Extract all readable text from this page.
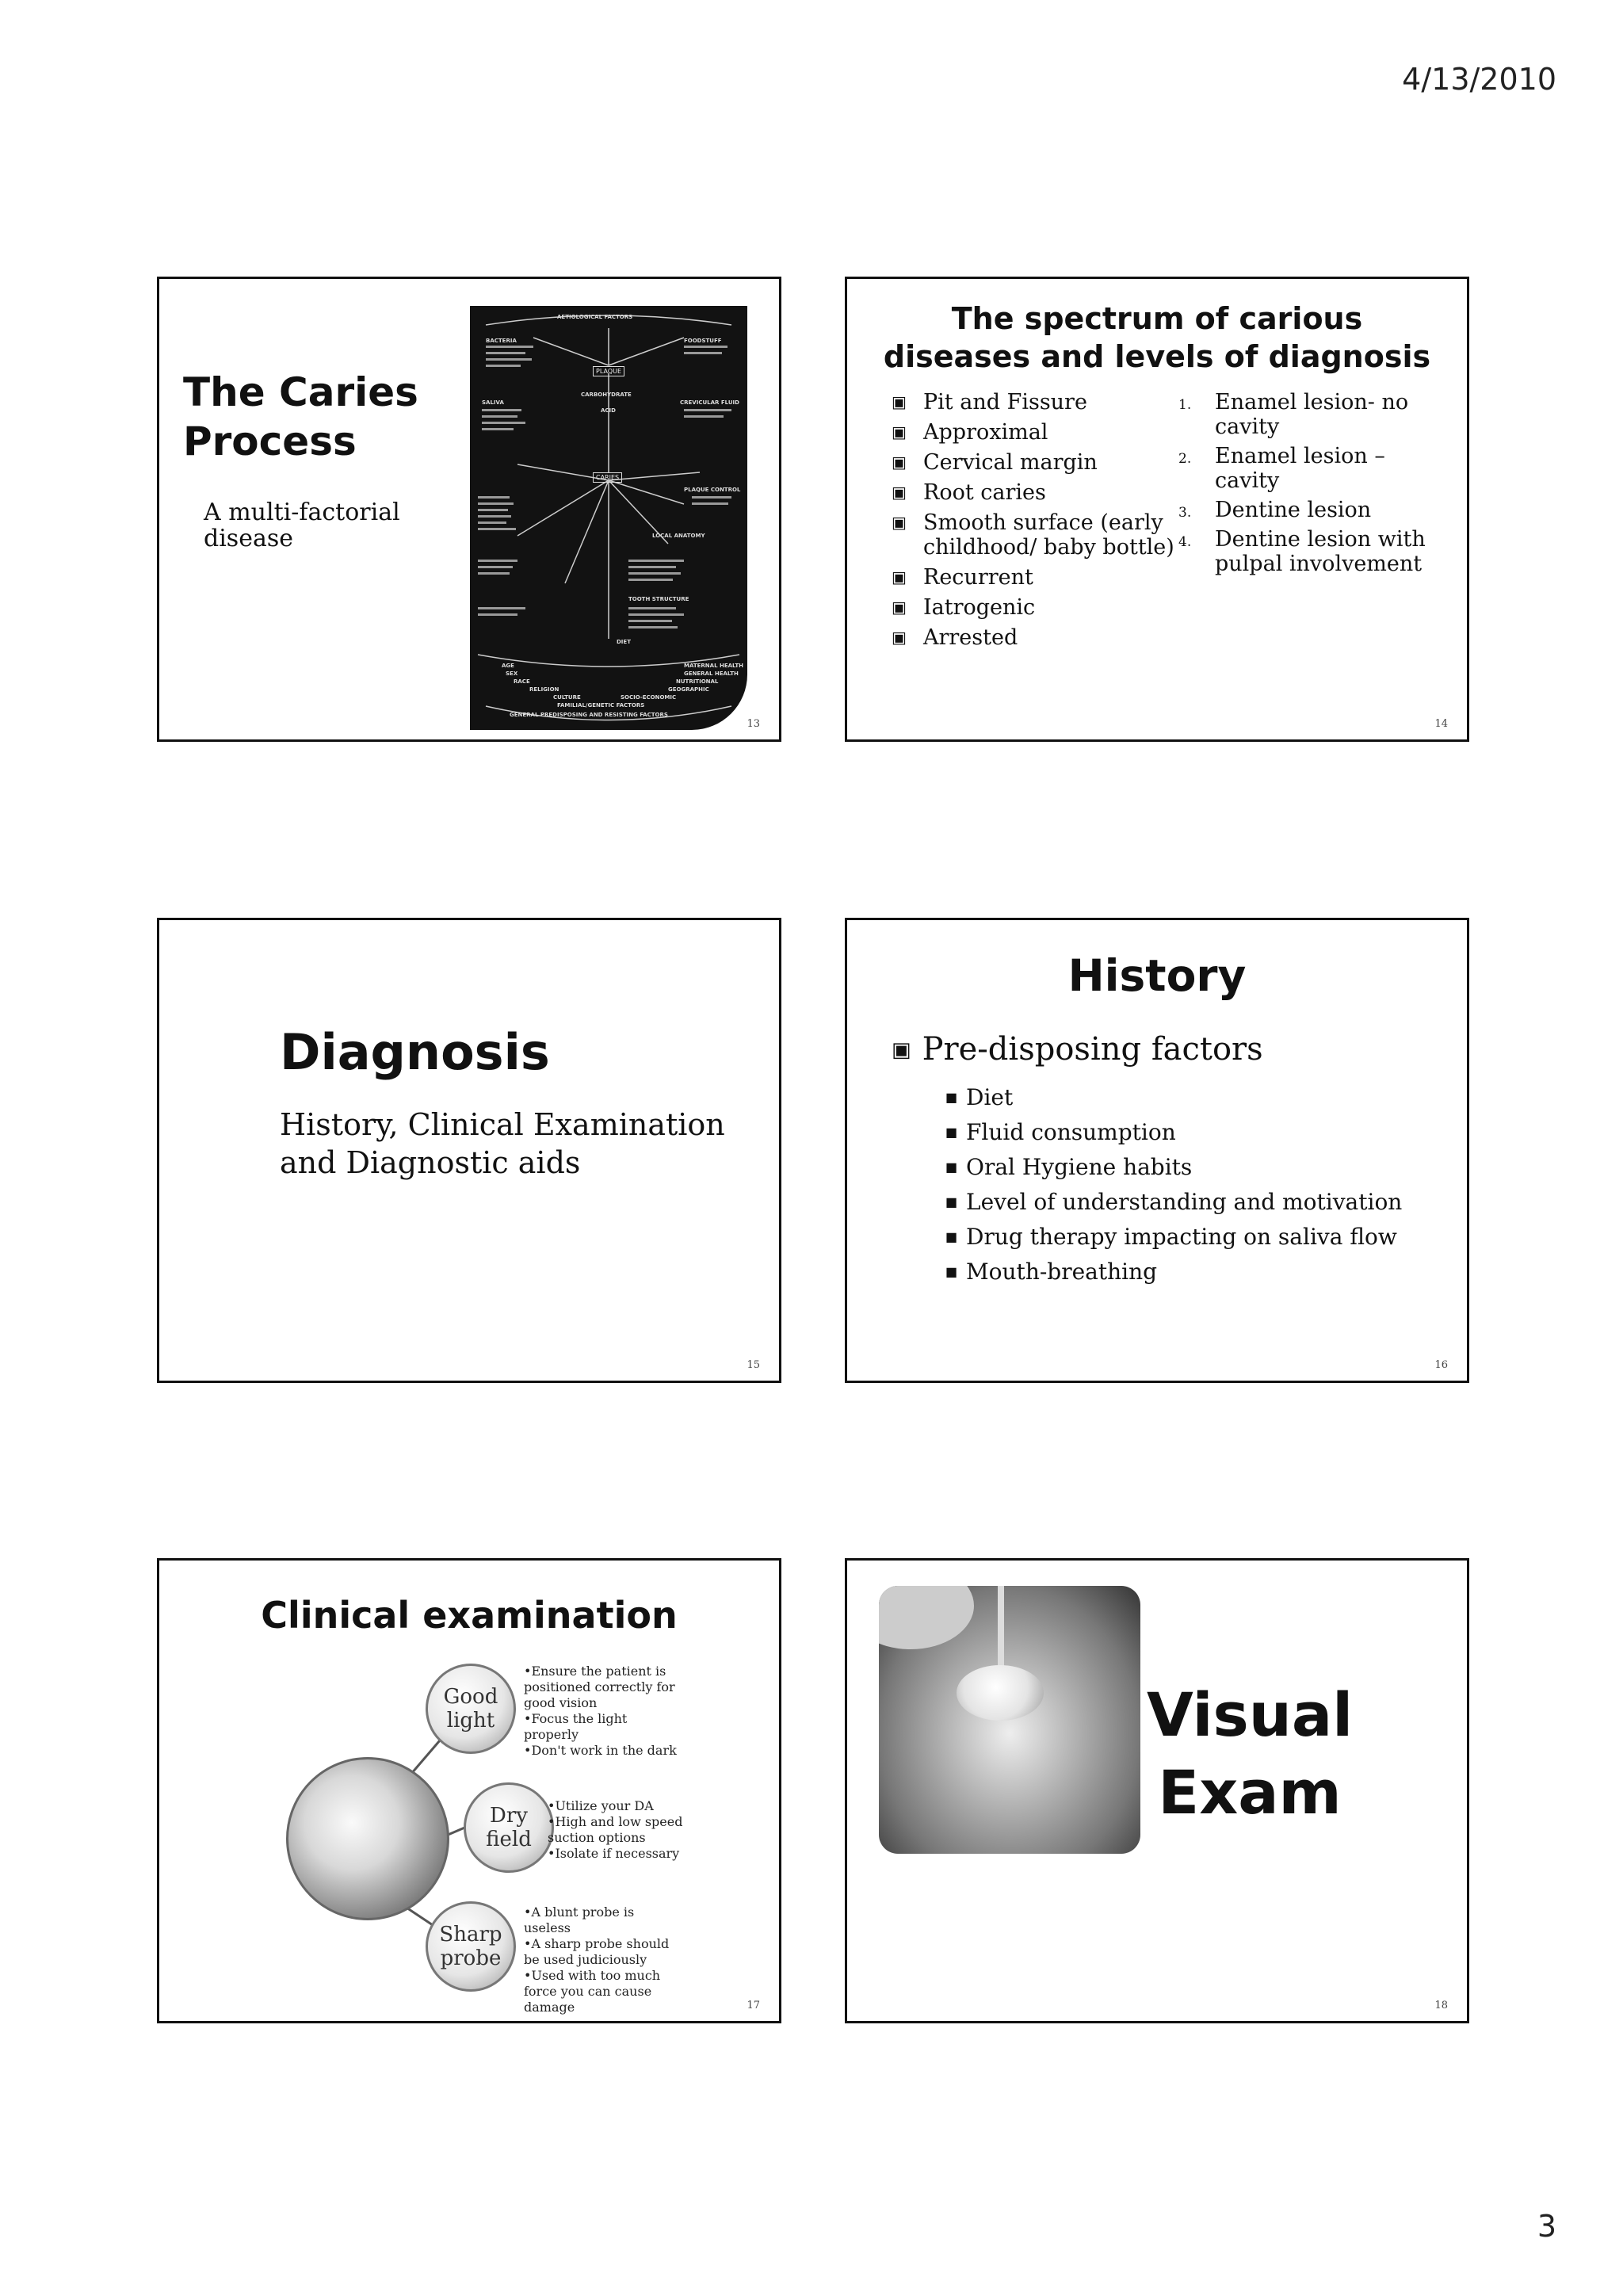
4/13/2010
The Caries
Process
A multi-factorial disease
AETIOLOGICAL FACTORS
BACTERIA	FOODSTUFF
PLAQUE
SALIVA
CARBOHYDRATE
CREVICULAR FLUID
ACID
CARIES
PLAQUE CONTROL
LOCAL ANATOMY
TOOTH STRUCTURE
DIET
MATERNAL HEALTH
GENERAL HEALTH
NUTRITIONAL
GEOGRAPHIC
AGE
SEX
RACE
RELIGION
CULTURE	SOCIO-ECONOMIC
FAMILIAL/GENETIC FACTORS
GENERAL PREDISPOSING AND RESISTING FACTORS
13
The spectrum of carious
diseases and levels of diagnosis
▣ Pit and Fissure
▣ Approximal
▣ Cervical margin
▣ Root caries
▣ Smooth surface (early childhood/ baby bottle)
▣ Recurrent
▣ Iatrogenic
▣ Arrested
1. Enamel lesion- no cavity
2. Enamel lesion – cavity
3. Dentine lesion
4. Dentine lesion with pulpal involvement
14
Diagnosis
History, Clinical Examination
and Diagnostic aids
15
History
▣ Pre-disposing factors
■ Diet
■ Fluid consumption
■ Oral Hygiene habits
■ Level of understanding and motivation
■ Drug therapy impacting on saliva flow
■ Mouth-breathing
16
Clinical examination
Good
light
Dry
field
Sharp
probe
•Ensure the patient is positioned correctly for good vision
•Focus the light properly
•Don't work in the dark
•Utilize your DA
•High and low speed suction options
•Isolate if necessary
•A blunt probe is useless
•A sharp probe should be used judiciously
•Used with too much force you can cause damage	17
Visual
Exam
18
3
